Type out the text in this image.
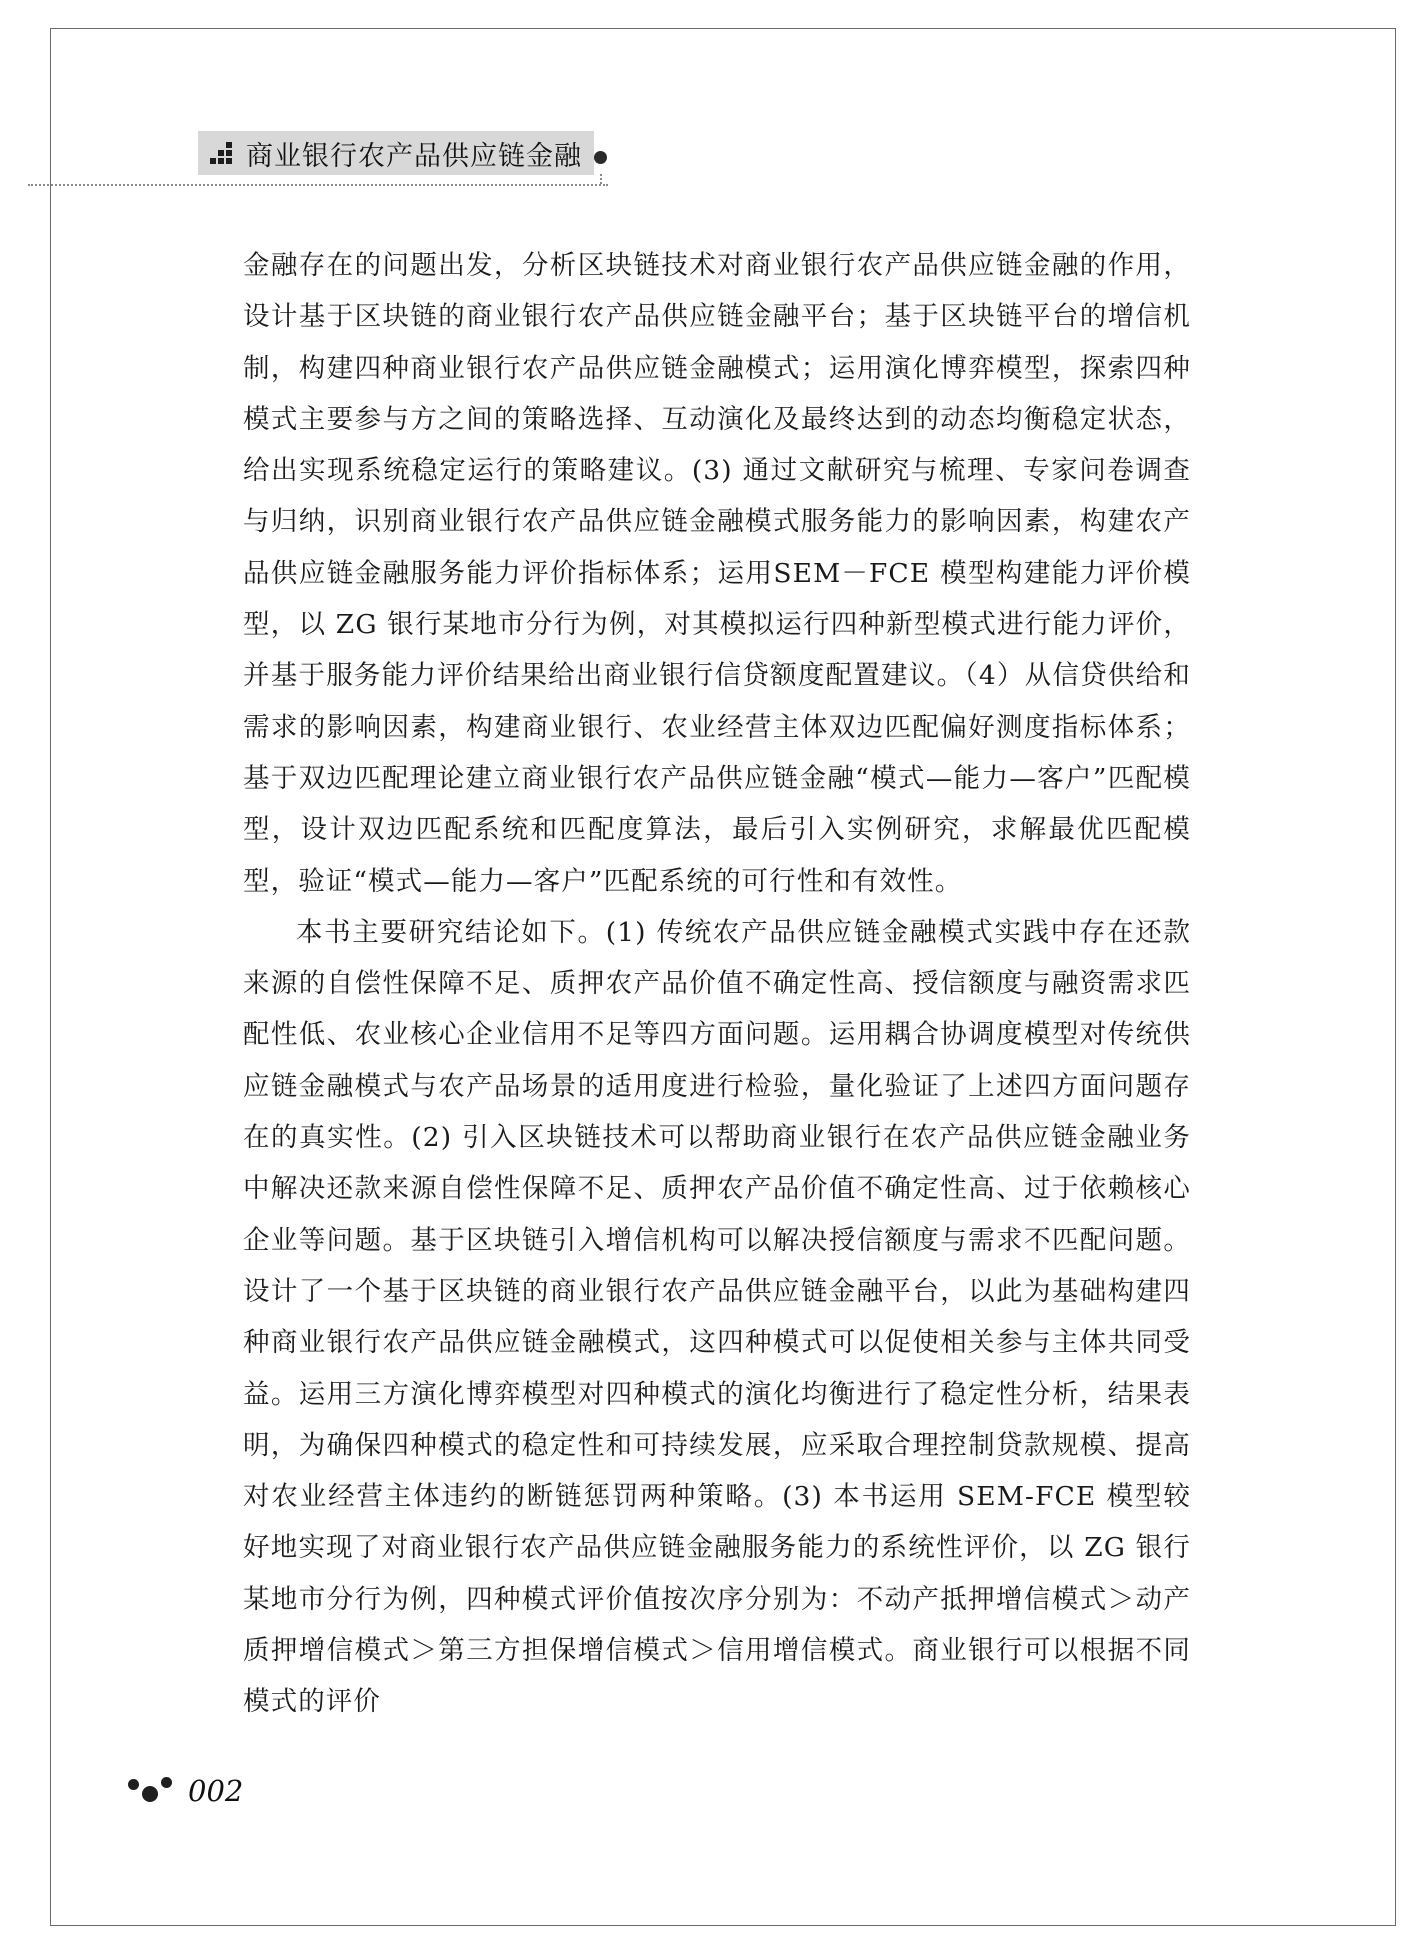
商业银行农产品供应链金融

金融存在的问题出发，分析区块链技术对商业银行农产品供应链金融的作用，设计基于区块链的商业银行农产品供应链金融平台；基于区块链平台的增信机制，构建四种商业银行农产品供应链金融模式；运用演化博弈模型，探索四种模式主要参与方之间的策略选择、互动演化及最终达到的动态均衡稳定状态，给出实现系统稳定运行的策略建议。(3) 通过文献研究与梳理、专家问卷调查与归纳，识别商业银行农产品供应链金融模式服务能力的影响因素，构建农产品供应链金融服务能力评价指标体系；运用SEM－FCE 模型构建能力评价模型，以 ZG 银行某地市分行为例，对其模拟运行四种新型模式进行能力评价，并基于服务能力评价结果给出商业银行信贷额度配置建议。（4）从信贷供给和需求的影响因素，构建商业银行、农业经营主体双边匹配偏好测度指标体系；基于双边匹配理论建立商业银行农产品供应链金融“模式—能力—客户”匹配模型，设计双边匹配系统和匹配度算法，最后引入实例研究，求解最优匹配模型，验证“模式—能力—客户”匹配系统的可行性和有效性。

本书主要研究结论如下。(1) 传统农产品供应链金融模式实践中存在还款来源的自偿性保障不足、质押农产品价值不确定性高、授信额度与融资需求匹配性低、农业核心企业信用不足等四方面问题。运用耦合协调度模型对传统供应链金融模式与农产品场景的适用度进行检验，量化验证了上述四方面问题存在的真实性。(2) 引入区块链技术可以帮助商业银行在农产品供应链金融业务中解决还款来源自偿性保障不足、质押农产品价值不确定性高、过于依赖核心企业等问题。基于区块链引入增信机构可以解决授信额度与需求不匹配问题。设计了一个基于区块链的商业银行农产品供应链金融平台，以此为基础构建四种商业银行农产品供应链金融模式，这四种模式可以促使相关参与主体共同受益。运用三方演化博弈模型对四种模式的演化均衡进行了稳定性分析，结果表明，为确保四种模式的稳定性和可持续发展，应采取合理控制贷款规模、提高对农业经营主体违约的断链惩罚两种策略。(3) 本书运用 SEM-FCE 模型较好地实现了对商业银行农产品供应链金融服务能力的系统性评价，以 ZG 银行某地市分行为例，四种模式评价值按次序分别为：不动产抵押增信模式＞动产质押增信模式＞第三方担保增信模式＞信用增信模式。商业银行可以根据不同模式的评价

002
